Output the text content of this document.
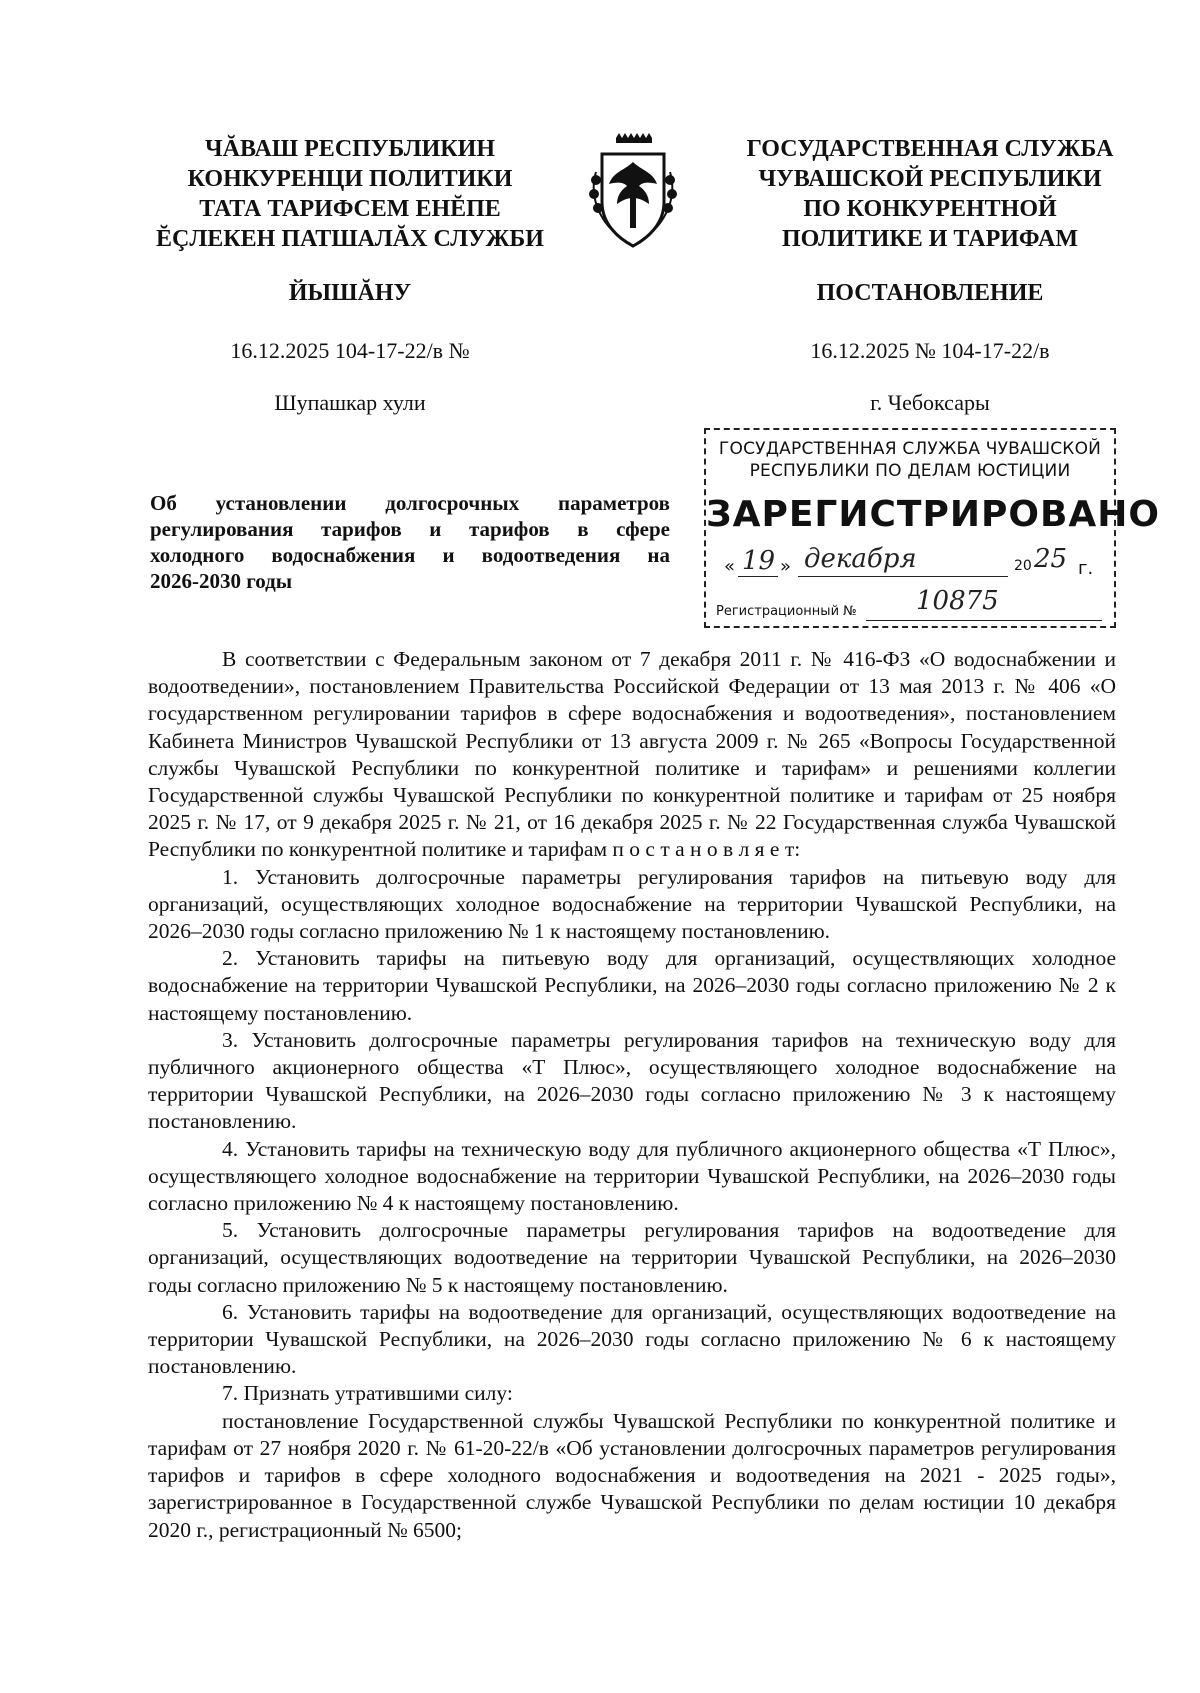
ЧĂВАШ РЕСПУБЛИКИН
КОНКУРЕНЦИ ПОЛИТИКИ
ТАТА ТАРИФСЕМ ЕНĔПЕ
ĔÇЛЕКЕН ПАТШАЛĂХ СЛУЖБИ
ГОСУДАРСТВЕННАЯ СЛУЖБА
ЧУВАШСКОЙ РЕСПУБЛИКИ
ПО КОНКУРЕНТНОЙ
ПОЛИТИКЕ И ТАРИФАМ
ЙЫШĂНУ	ПОСТАНОВЛЕНИЕ
16.12.2025 104-17-22/в №	16.12.2025 № 104-17-22/в
Шупашкар хули	г. Чебоксары
ГОСУДАРСТВЕННАЯ СЛУЖБА ЧУВАШСКОЙ
РЕСПУБЛИКИ ПО ДЕЛАМ ЮСТИЦИИ
ЗАРЕГИСТРИРОВАНО
« 19 » декабря	20 25 г.
Регистрационный № 10875
Об установлении долгосрочных параметров
регулирования тарифов и тарифов в сфере
холодного водоснабжения и водоотведения на
2026-2030 годы

В соответствии с Федеральным законом от 7 декабря 2011 г. № 416-ФЗ «О водоснабжении и водоотведении», постановлением Правительства Российской Федерации от 13 мая 2013 г. № 406 «О государственном регулировании тарифов в сфере водоснабжения и водоотведения», постановлением Кабинета Министров Чувашской Республики от 13 августа 2009 г. № 265 «Вопросы Государственной службы Чувашской Республики по конкурентной политике и тарифам» и решениями коллегии Государственной службы Чувашской Республики по конкурентной политике и тарифам от 25 ноября 2025 г. № 17, от 9 декабря 2025 г. № 21, от 16 декабря 2025 г. № 22 Государственная служба Чувашской Республики по конкурентной политике и тарифам п о с т а н о в л я е т:

1. Установить долгосрочные параметры регулирования тарифов на питьевую воду для организаций, осуществляющих холодное водоснабжение на территории Чувашской Республики, на 2026–2030 годы согласно приложению № 1 к настоящему постановлению.

2. Установить тарифы на питьевую воду для организаций, осуществляющих холодное водоснабжение на территории Чувашской Республики, на 2026–2030 годы согласно приложению № 2 к настоящему постановлению.

3. Установить долгосрочные параметры регулирования тарифов на техническую воду для публичного акционерного общества «Т Плюс», осуществляющего холодное водоснабжение на территории Чувашской Республики, на 2026–2030 годы согласно приложению № 3 к настоящему постановлению.

4. Установить тарифы на техническую воду для публичного акционерного общества «Т Плюс», осуществляющего холодное водоснабжение на территории Чувашской Республики, на 2026–2030 годы согласно приложению № 4 к настоящему постановлению.

5. Установить долгосрочные параметры регулирования тарифов на водоотведение для организаций, осуществляющих водоотведение на территории Чувашской Республики, на 2026–2030 годы согласно приложению № 5 к настоящему постановлению.

6. Установить тарифы на водоотведение для организаций, осуществляющих водоотведение на территории Чувашской Республики, на 2026–2030 годы согласно приложению № 6 к настоящему постановлению.

7. Признать утратившими силу:

постановление Государственной службы Чувашской Республики по конкурентной политике и тарифам от 27 ноября 2020 г. № 61-20-22/в «Об установлении долгосрочных параметров регулирования тарифов и тарифов в сфере холодного водоснабжения и водоотведения на 2021 - 2025 годы», зарегистрированное в Государственной службе Чувашской Республики по делам юстиции 10 декабря 2020 г., регистрационный № 6500;
